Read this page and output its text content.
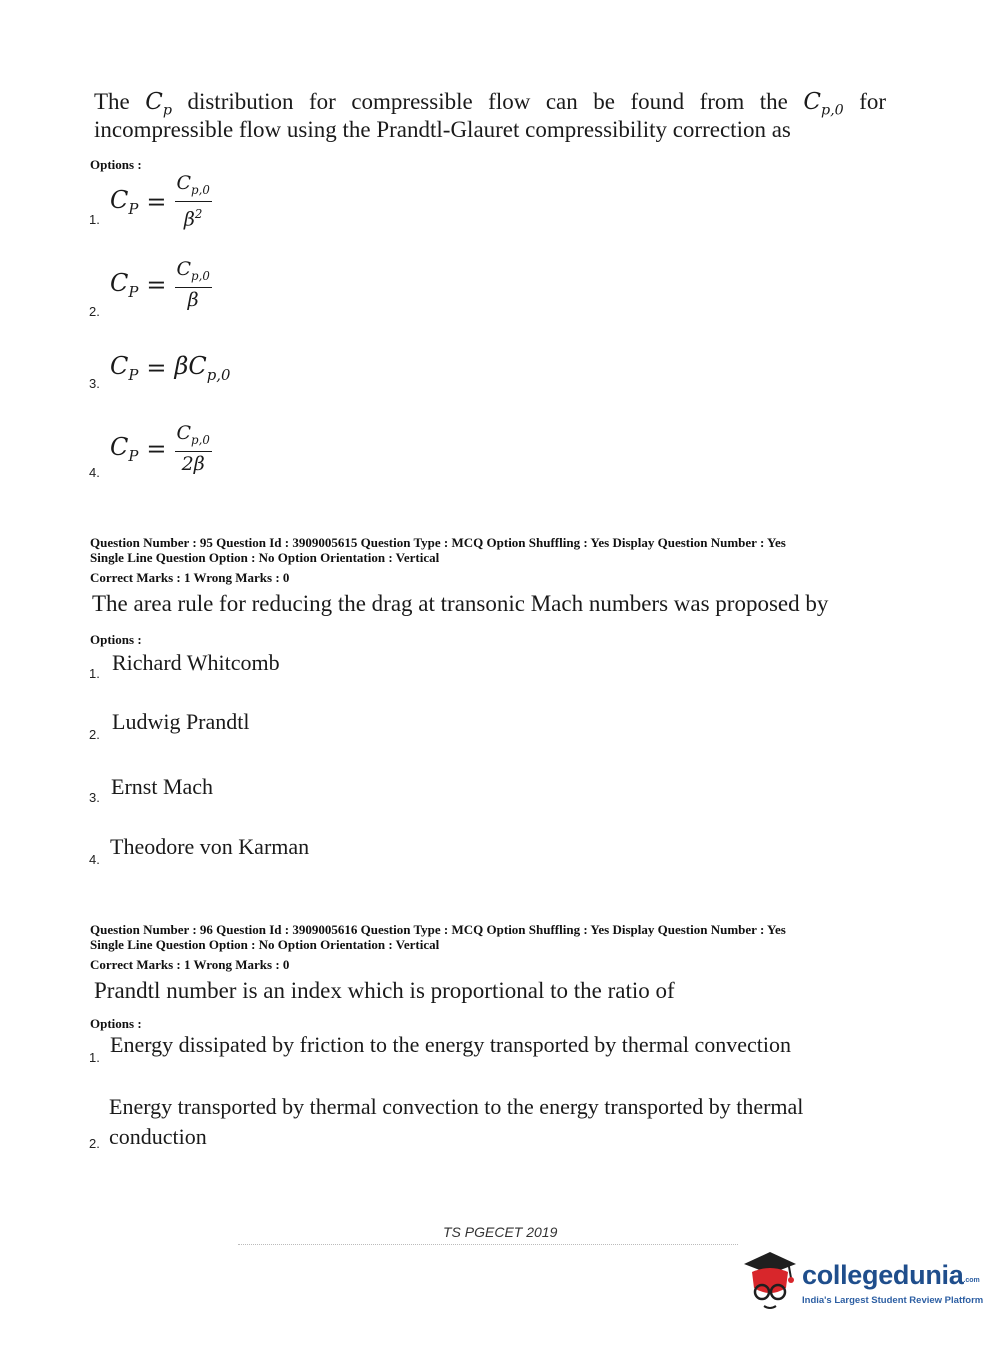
The $C_p$ distribution for compressible flow can be found from the $C_{p,0}$ for
incompressible flow using the Prandtl-Glauret compressibility correction as
Options :
1.
$C_P = \frac{C_{p,0}}{\beta^2}$
2.
$C_P = \frac{C_{p,0}}{\beta}$
3.
$C_P = \beta C_{p,0}$
4.
$C_P = \frac{C_{p,0}}{2\beta}$
Question Number : 95 Question Id : 3909005615 Question Type : MCQ Option Shuffling : Yes Display Question Number : Yes
Single Line Question Option : No Option Orientation : Vertical
Correct Marks : 1 Wrong Marks : 0
The area rule for reducing the drag at transonic Mach numbers was proposed by
Options :
1. Richard Whitcomb
2.
Ludwig Prandtl
3. Ernst Mach
4.
Theodore von Karman
Question Number : 96 Question Id : 3909005616 Question Type : MCQ Option Shuffling : Yes Display Question Number : Yes
Single Line Question Option : No Option Orientation : Vertical
Correct Marks : 1 Wrong Marks : 0
Prandtl number is an index which is proportional to the ratio of
Options :
1.
Energy dissipated by friction to the energy transported by thermal convection
2.
Energy transported by thermal convection to the energy transported by thermal
conduction
TS PGECET 2019
collegedunia.com
India's Largest Student Review Platform
